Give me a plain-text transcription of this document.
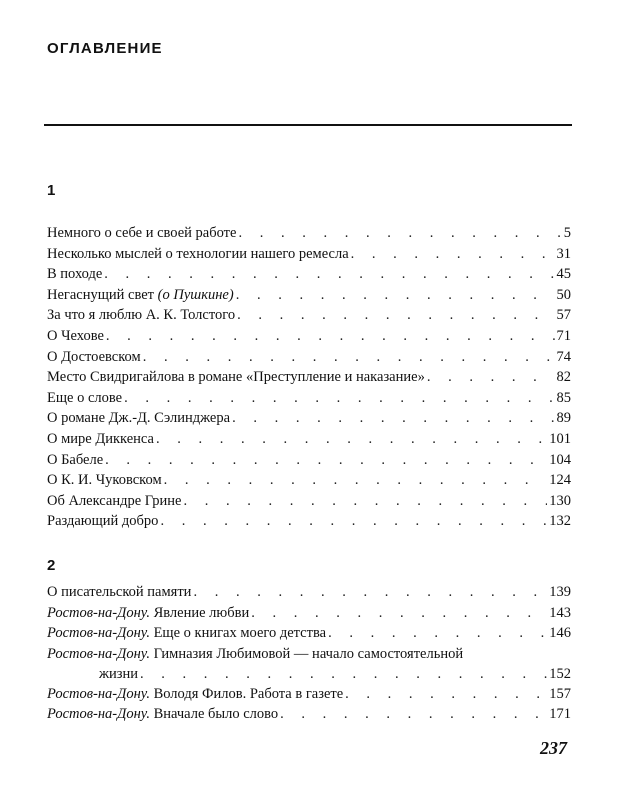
ОГЛАВЛЕНИЕ
1
Немного о себе и своей работе . . .	5
Несколько мыслей о технологии нашего ремесла . . .	31
В походе . . .	45
Негаснущий свет (о Пушкине) . . .	50
За что я люблю А. К. Толстого . . .	57
О Чехове . . .	71
О Достоевском . . .	74
Место Свидригайлова в романе «Преступление и наказание» . . .	82
Еще о слове . . .	85
О романе Дж.-Д. Сэлинджера . . .	89
О мире Диккенса . . .	101
О Бабеле . . .	104
О К. И. Чуковском . . .	124
Об Александре Грине . . .	130
Раздающий добро . . .	132
2
О писательской памяти . . .	139
Ростов-на-Дону. Явление любви . . .	143
Ростов-на-Дону. Еще о книгах моего детства . . .	146
Ростов-на-Дону. Гимназия Любимовой — начало самостоятельной
жизни . . .	152
Ростов-на-Дону. Володя Филов. Работа в газете . . .	157
Ростов-на-Дону. Вначале было слово . . .	171
237
